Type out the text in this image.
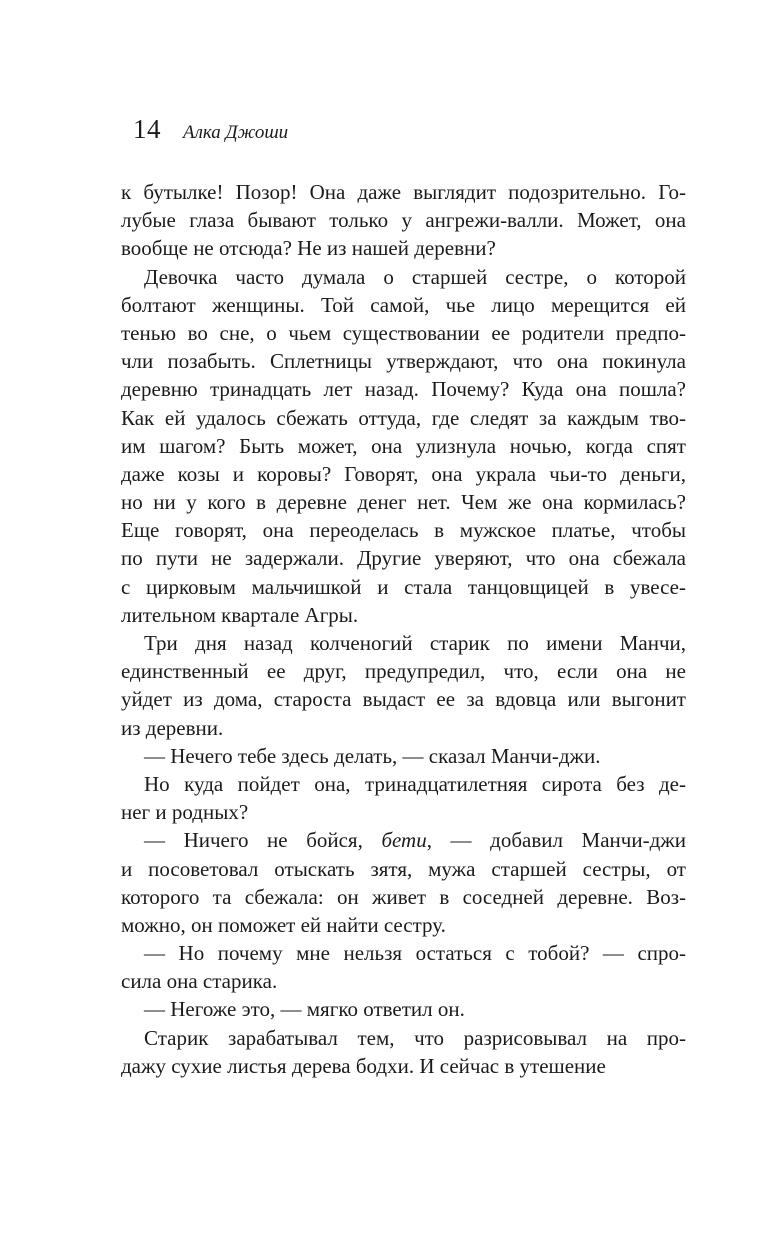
14 Алка Джоши
к бутылке! Позор! Она даже выглядит подозрительно. Го-
лубые глаза бывают только у ангрежи-валли. Может, она
вообще не отсюда? Не из нашей деревни?
Девочка часто думала о старшей сестре, о которой
болтают женщины. Той самой, чье лицо мерещится ей
тенью во сне, о чьем существовании ее родители предпо-
чли позабыть. Сплетницы утверждают, что она покинула
деревню тринадцать лет назад. Почему? Куда она пошла?
Как ей удалось сбежать оттуда, где следят за каждым тво-
им шагом? Быть может, она улизнула ночью, когда спят
даже козы и коровы? Говорят, она украла чьи-то деньги,
но ни у кого в деревне денег нет. Чем же она кормилась?
Еще говорят, она переоделась в мужское платье, чтобы
по пути не задержали. Другие уверяют, что она сбежала
с цирковым мальчишкой и стала танцовщицей в увесе-
лительном квартале Агры.
Три дня назад колченогий старик по имени Манчи,
единственный ее друг, предупредил, что, если она не
уйдет из дома, староста выдаст ее за вдовца или выгонит
из деревни.
— Нечего тебе здесь делать, — сказал Манчи-джи.
Но куда пойдет она, тринадцатилетняя сирота без де-
нег и родных?
— Ничего не бойся, бети, — добавил Манчи-джи
и посоветовал отыскать зятя, мужа старшей сестры, от
которого та сбежала: он живет в соседней деревне. Воз-
можно, он поможет ей найти сестру.
— Но почему мне нельзя остаться с тобой? — спро-
сила она старика.
— Негоже это, — мягко ответил он.
Старик зарабатывал тем, что разрисовывал на про-
дажу сухие листья дерева бодхи. И сейчас в утешение
